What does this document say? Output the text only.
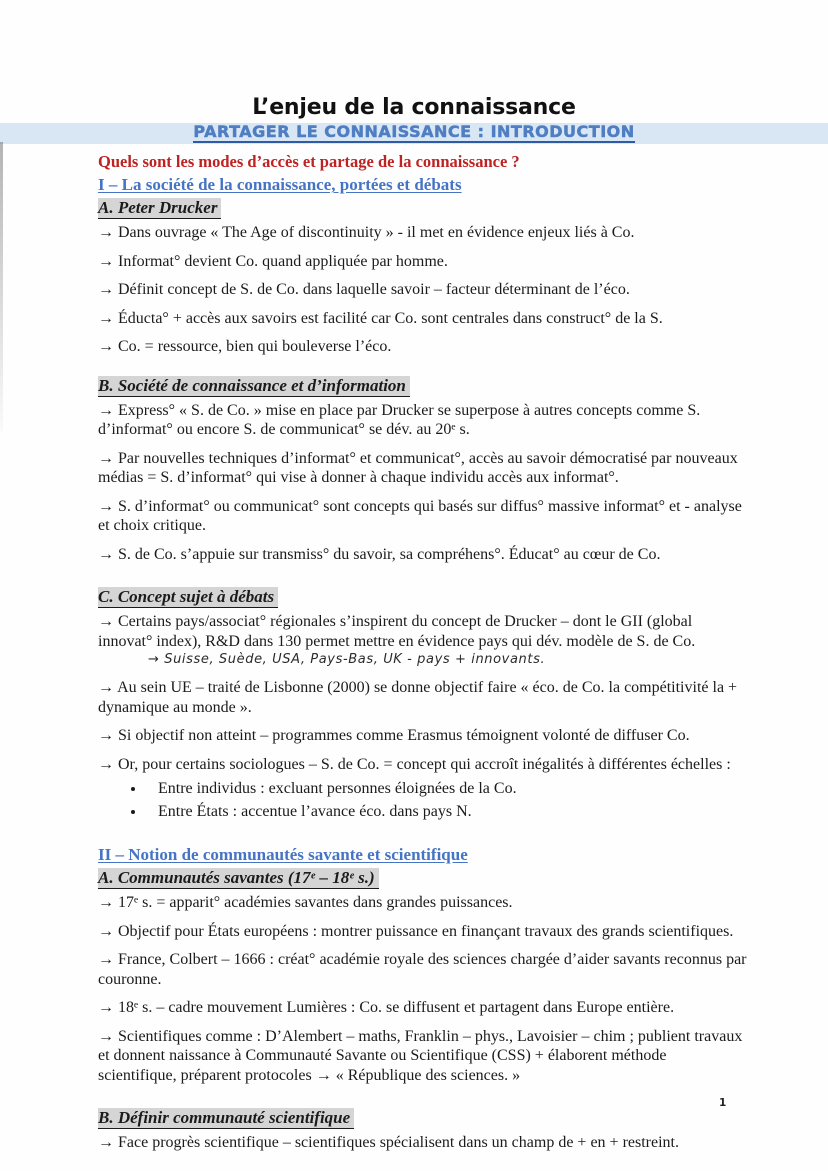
L’enjeu de la connaissance
PARTAGER LE CONNAISSANCE : INTRODUCTION

Quels sont les modes d’accès et partage de la connaissance ?

I – La société de la connaissance, portées et débats
A. Peter Drucker

→ Dans ouvrage « The Age of discontinuity » - il met en évidence enjeux liés à Co.

→ Informat° devient Co. quand appliquée par homme.

→ Définit concept de S. de Co. dans laquelle savoir – facteur déterminant de l’éco.

→ Éducta° + accès aux savoirs est facilité car Co. sont centrales dans construct° de la S.

→ Co. = ressource, bien qui bouleverse l’éco.

B. Société de connaissance et d’information

→ Express° « S. de Co. » mise en place par Drucker se superpose à autres concepts comme S. d’informat° ou encore S. de communicat° se dév. au 20ᵉ s.

→ Par nouvelles techniques d’informat° et communicat°, accès au savoir démocratisé par nouveaux médias = S. d’informat° qui vise à donner à chaque individu accès aux informat°.

→ S. d’informat° ou communicat° sont concepts qui basés sur diffus° massive informat° et - analyse et choix critique.

→ S. de Co. s’appuie sur transmiss° du savoir, sa compréhens°. Éducat° au cœur de Co.

C. Concept sujet à débats

→ Certains pays/associat° régionales s’inspirent du concept de Drucker – dont le GII (global innovat° index), R&D dans 130 permet mettre en évidence pays qui dév. modèle de S. de Co.

→ Suisse, Suède, USA, Pays-Bas, UK - pays + innovants.

→ Au sein UE – traité de Lisbonne (2000) se donne objectif faire « éco. de Co. la compétitivité la + dynamique au monde ».

→ Si objectif non atteint – programmes comme Erasmus témoignent volonté de diffuser Co.

→ Or, pour certains sociologues – S. de Co. = concept qui accroît inégalités à différentes échelles :

• Entre individus : excluant personnes éloignées de la Co.
• Entre États : accentue l’avance éco. dans pays N.
II – Notion de communautés savante et scientifique
A. Communautés savantes (17ᵉ – 18ᵉ s.)

→ 17ᵉ s. = apparit° académies savantes dans grandes puissances.

→ Objectif pour États européens : montrer puissance en finançant travaux des grands scientifiques.

→ France, Colbert – 1666 : créat° académie royale des sciences chargée d’aider savants reconnus par couronne.

→ 18ᵉ s. – cadre mouvement Lumières : Co. se diffusent et partagent dans Europe entière.

→ Scientifiques comme : D’Alembert – maths, Franklin – phys., Lavoisier – chim ; publient travaux et donnent naissance à Communauté Savante ou Scientifique (CSS) + élaborent méthode scientifique, préparent protocoles → « République des sciences. »

B. Définir communauté scientifique

→ Face progrès scientifique – scientifiques spécialisent dans un champ de + en + restreint.

1
